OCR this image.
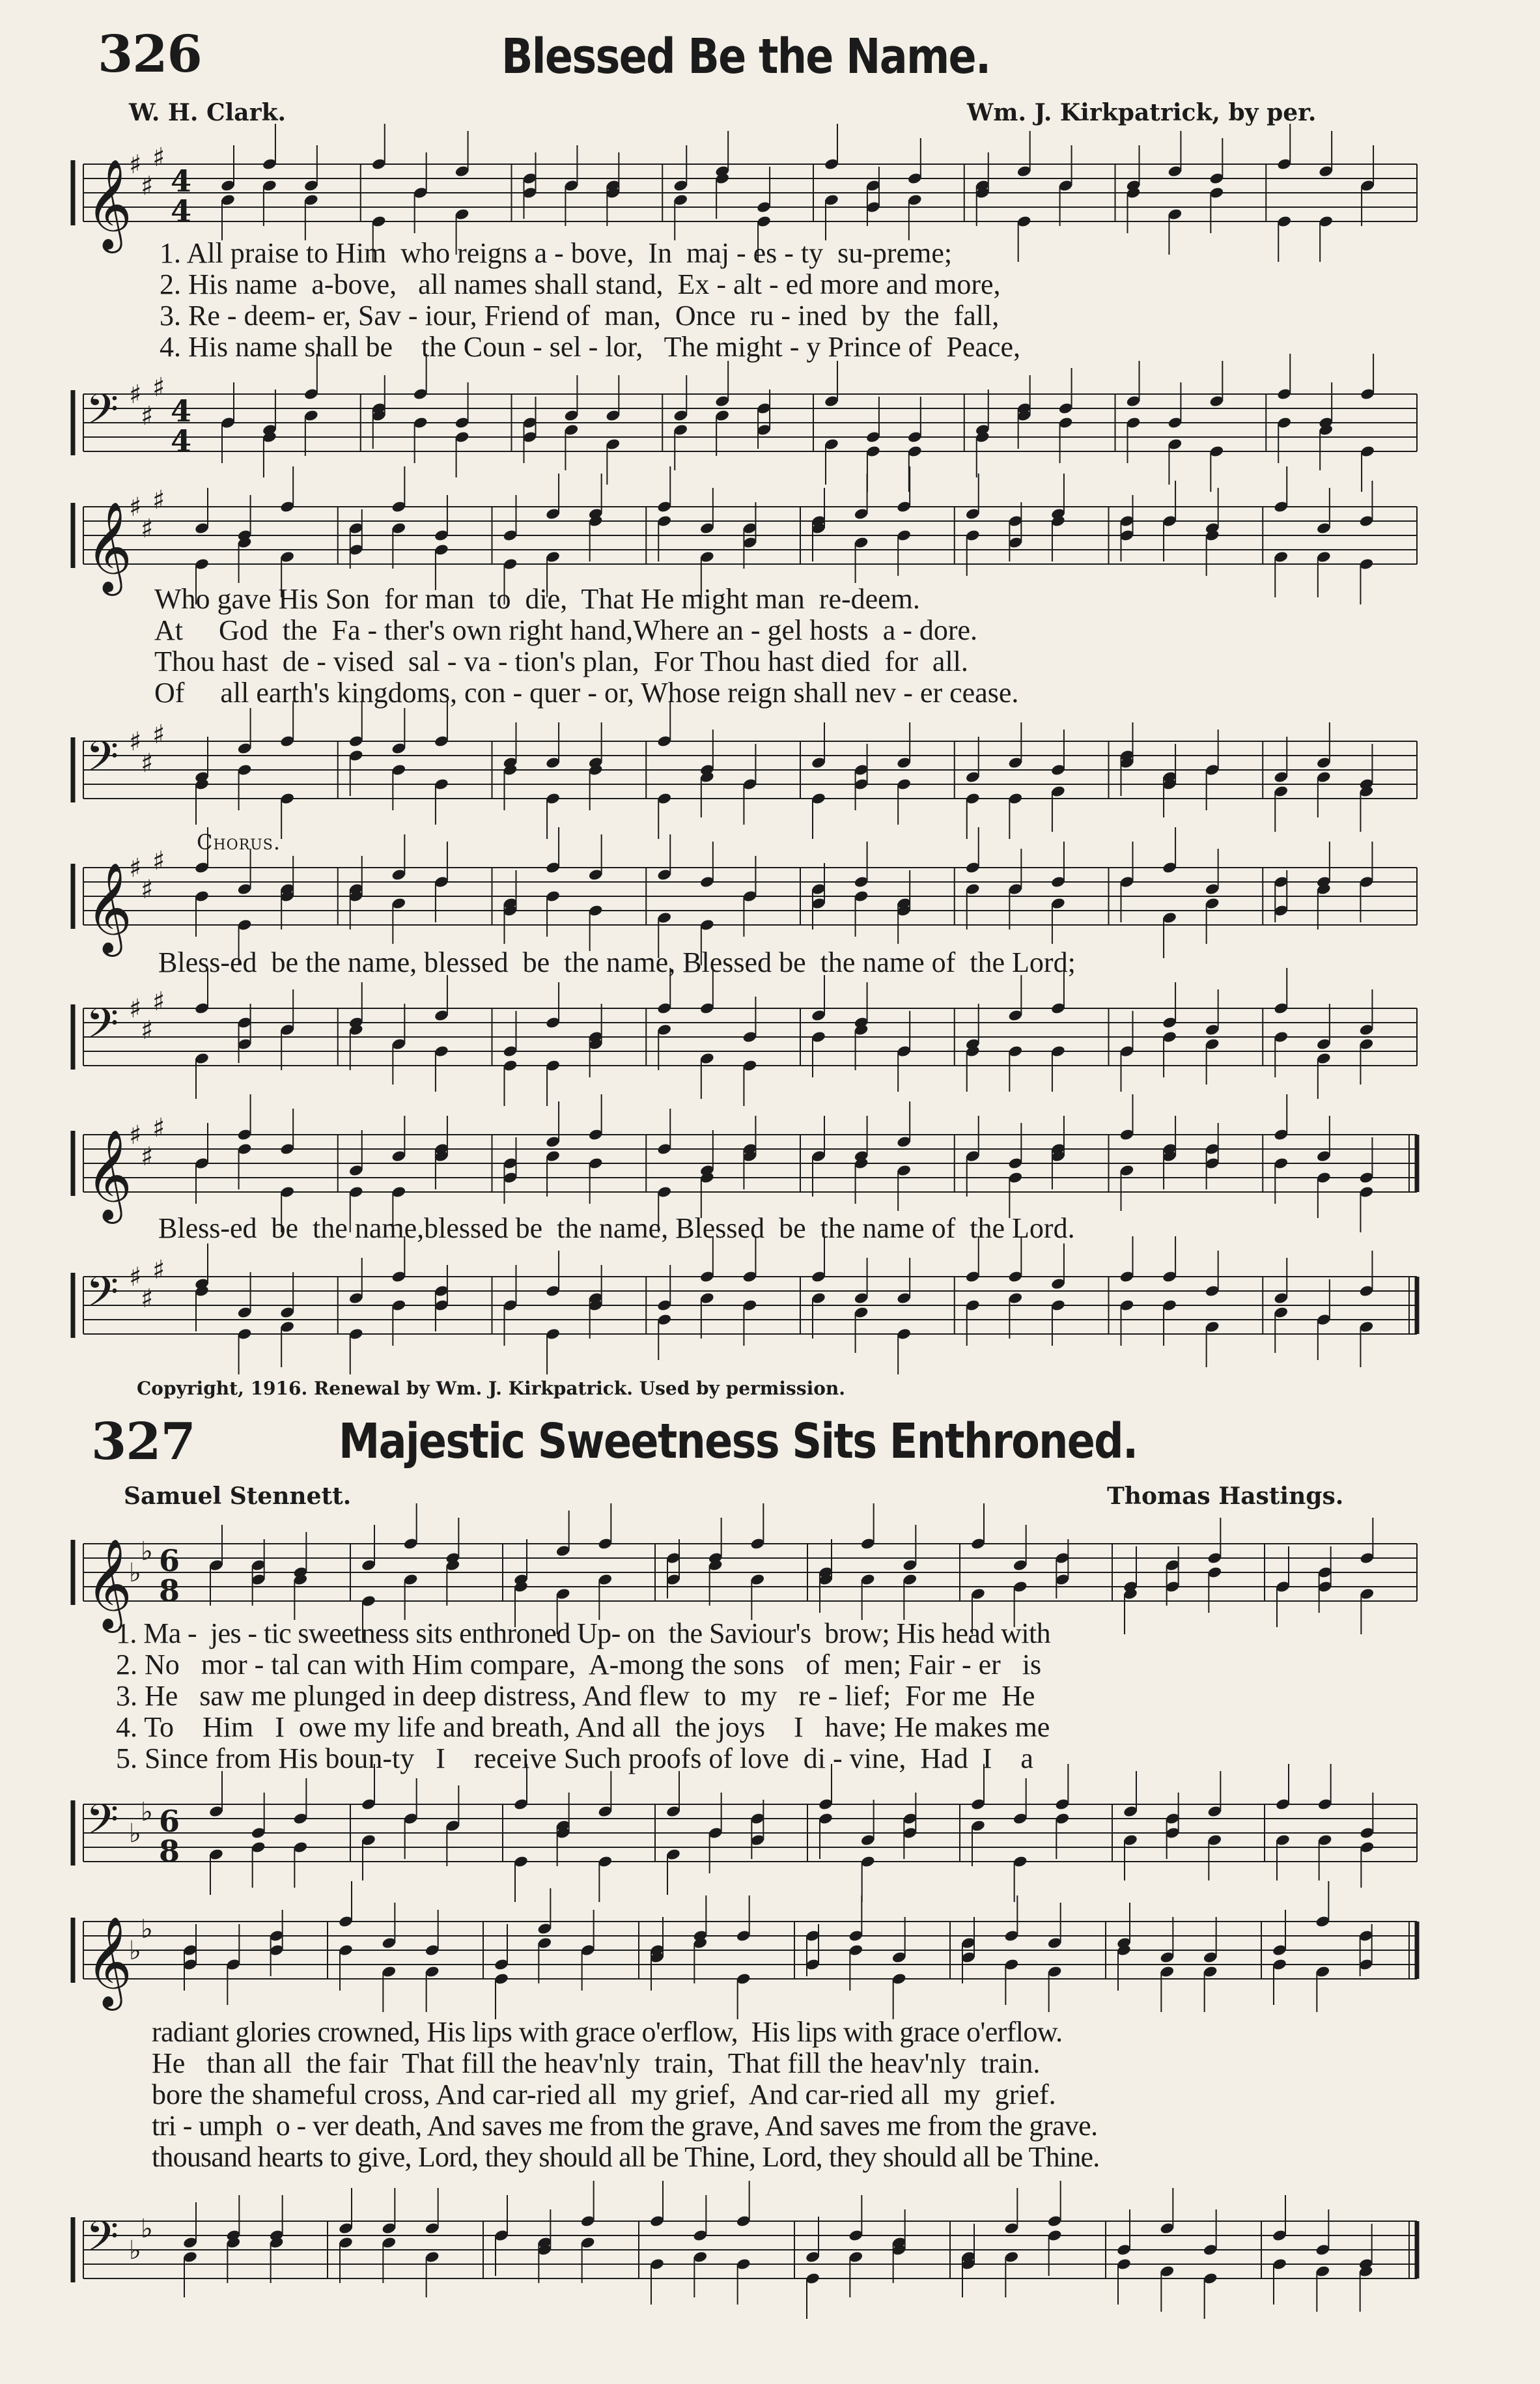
326	Blessed Be the Name.
W. H. Clark.	Wm. J. Kirkpatrick, by per.
𝄞
♯
♯
♯
4
4
1. All praise to Him  who reigns a - bove,  In  maj - es - ty  su-preme;
2. His name  a-bove,   all names shall stand,  Ex - alt - ed more and more,
3. Re - deem- er, Sav - iour, Friend of  man,  Once  ru - ined  by  the  fall,
4. His name shall be    the Coun - sel - lor,   The might - y Prince of  Peace,
𝄢 ♯
♯
♯
4
4
𝄞
♯
♯
♯
Who gave His Son  for man  to  die,  That He might man  re-deem.
At     God  the  Fa - ther's own right hand,Where an - gel hosts  a - dore.
Thou hast  de - vised  sal - va - tion's plan,  For Thou hast died  for  all.
Of     all earth's kingdoms, con - quer - or, Whose reign shall nev - er cease.
𝄢 ♯
♯
♯
Chorus.
𝄞
♯
♯
♯
Bless-ed  be the name, blessed  be  the name, Blessed be  the name of  the Lord;
𝄢 ♯
♯
♯
𝄞
♯
♯
♯
Bless-ed  be  the name,blessed be  the name, Blessed  be  the name of  the Lord.
𝄢 ♯
♯
♯
Copyright, 1916. Renewal by Wm. J. Kirkpatrick. Used by permission.
327	Majestic Sweetness Sits Enthroned.
Samuel Stennett.	Thomas Hastings.
𝄞
♭
♭ 6
8
1. Ma -  jes - tic sweetness sits enthroned Up- on  the Saviour's  brow; His head with
2. No   mor - tal can with Him compare,  A-mong the sons   of  men; Fair - er   is
3. He   saw me plunged in deep distress, And flew  to  my   re - lief;  For me  He
4. To    Him   I  owe my life and breath, And all  the joys    I   have; He makes me
5. Since from His boun-ty   I    receive Such proofs of love  di - vine,  Had  I    a
𝄢 ♭
♭ 6
8
𝄞
♭
♭
radiant glories crowned, His lips with grace o'erflow,  His lips with grace o'erflow.
He   than all  the fair  That fill the heav'nly  train,  That fill the heav'nly  train.
bore the shameful cross, And car-ried all  my grief,  And car-ried all  my  grief.
tri - umph  o - ver death, And saves me from the grave, And saves me from the grave.
thousand hearts to give, Lord, they should all be Thine, Lord, they should all be Thine.
𝄢 ♭
♭
